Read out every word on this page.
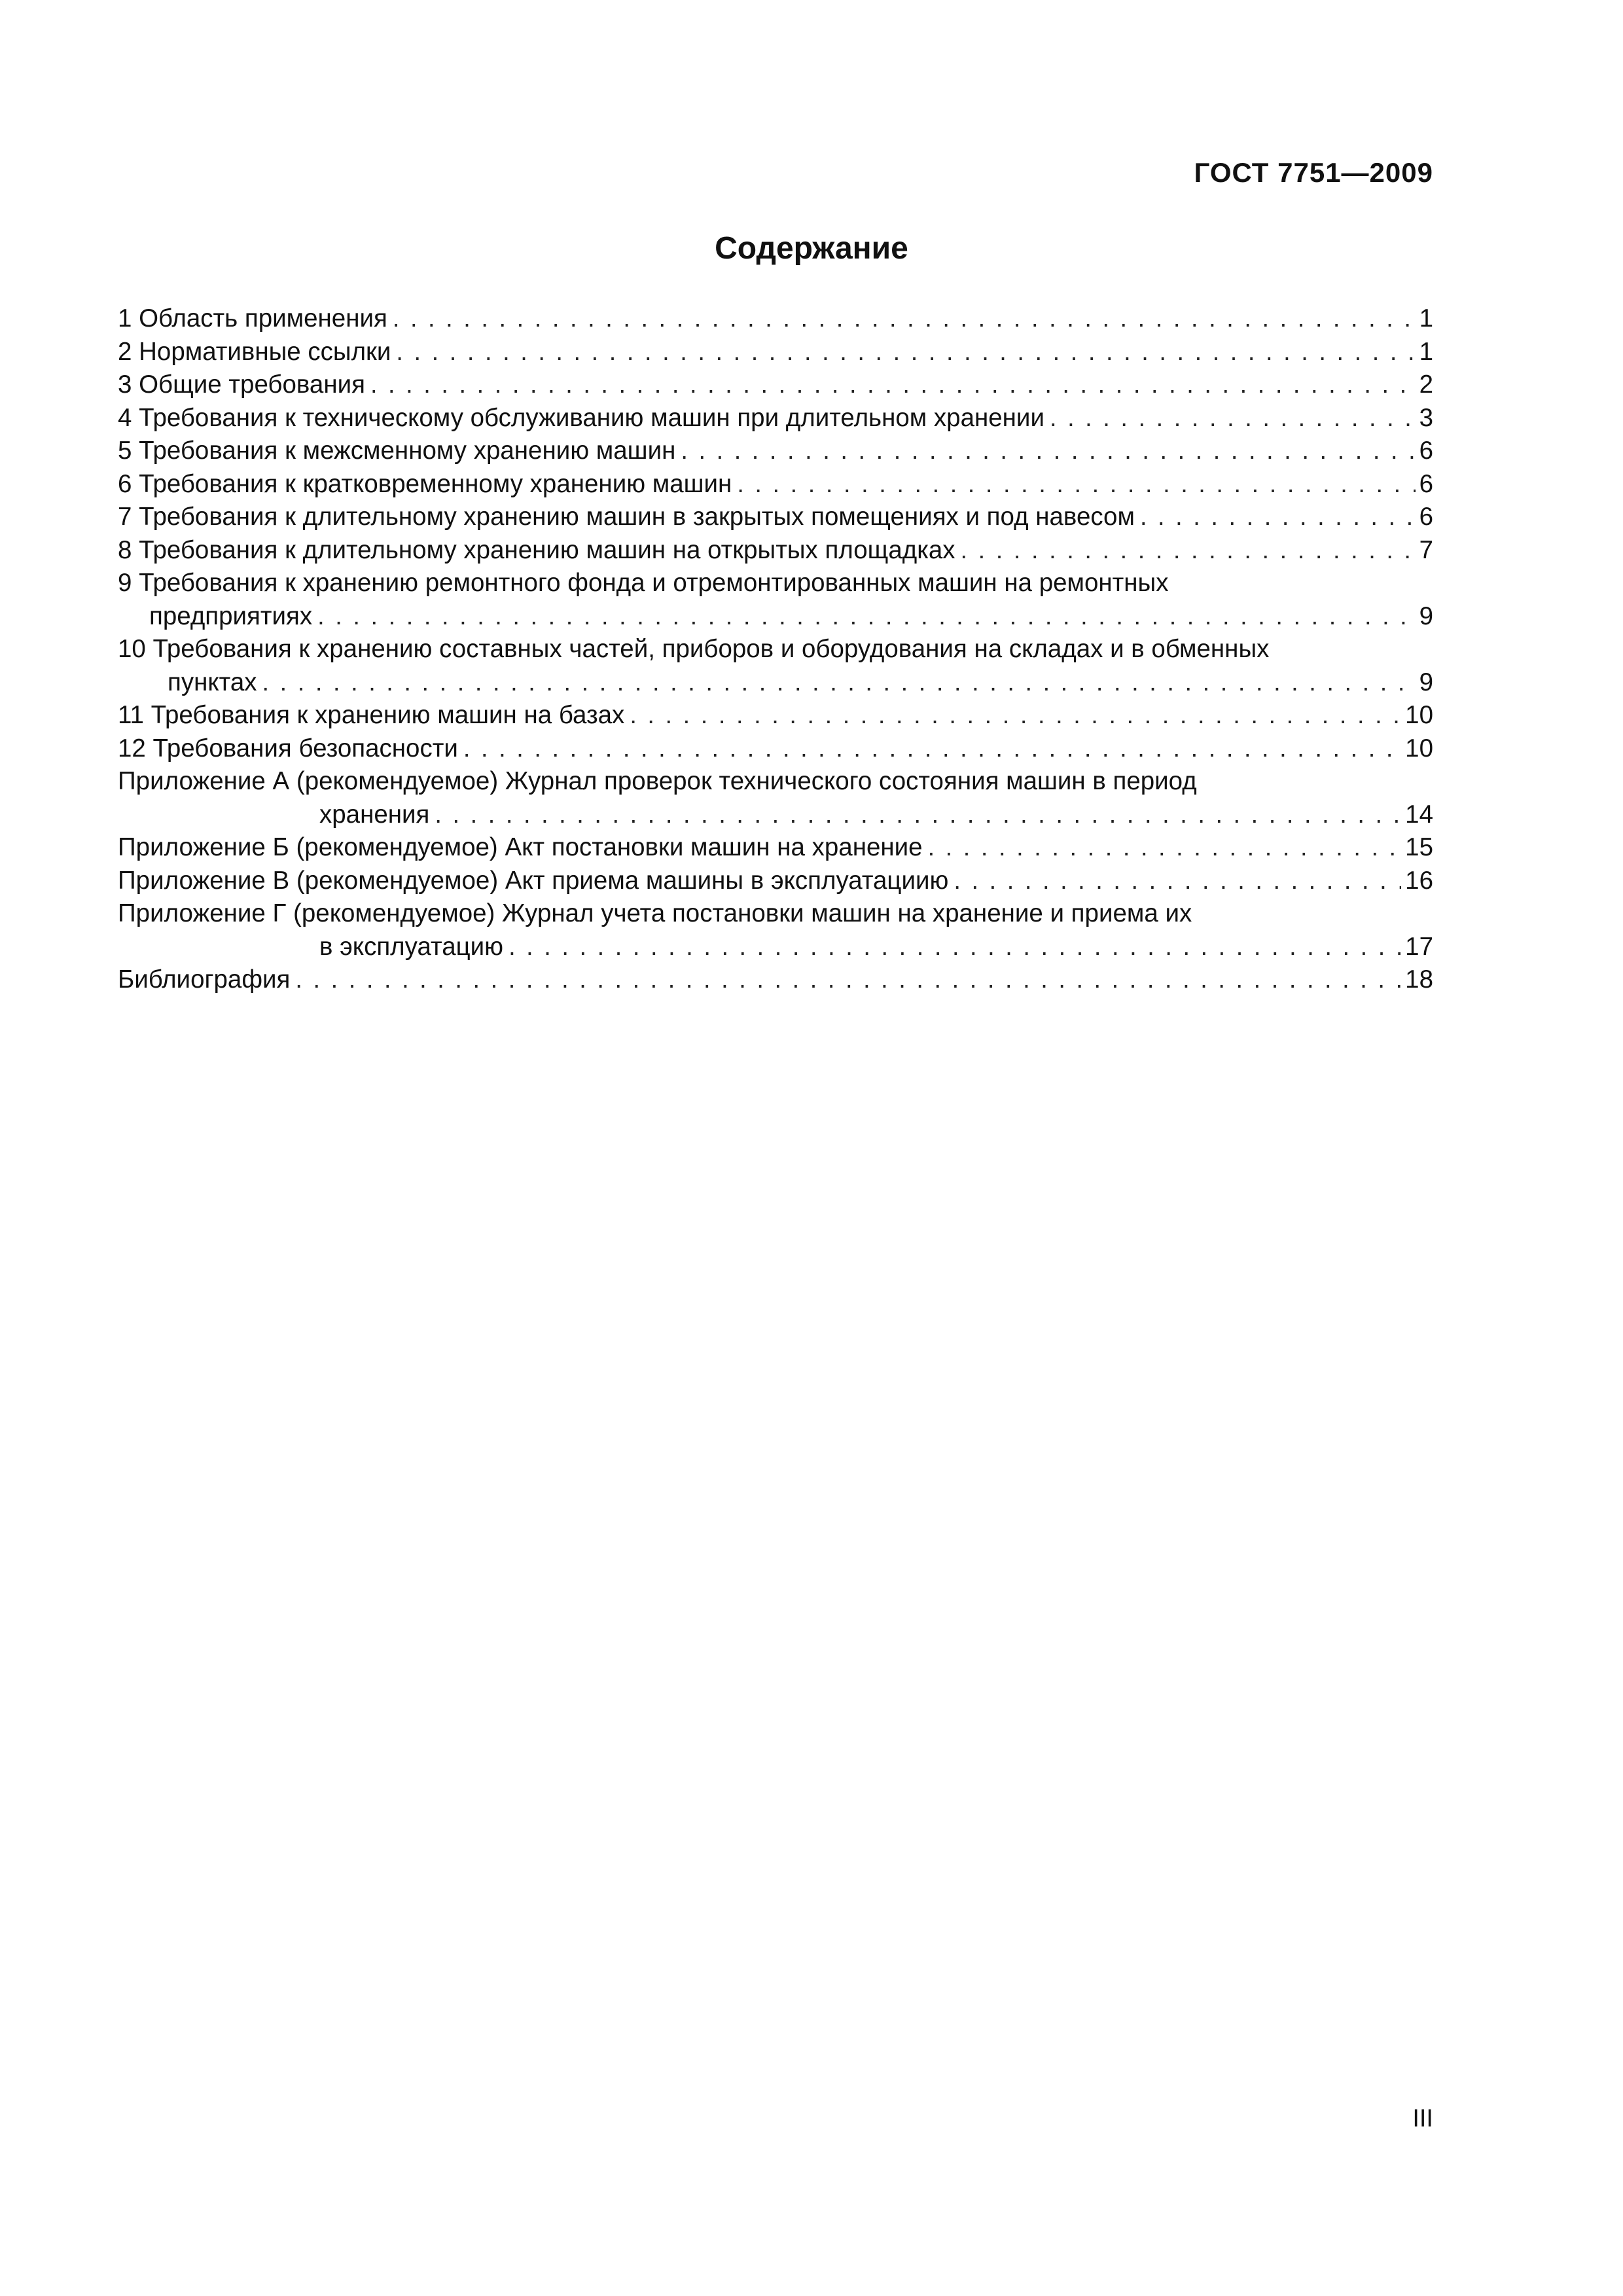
ГОСТ 7751—2009
Содержание
1 Область применения . . .	1
2 Нормативные ссылки . . .	1
3 Общие требования . . .	2
4 Требования к техническому обслуживанию машин при длительном хранении . . .	3
5 Требования к межсменному хранению машин . . .	6
6 Требования к кратковременному хранению машин . . .	6
7 Требования к длительному хранению машин в закрытых помещениях и под навесом . . .	6
8 Требования к длительному хранению машин на открытых площадках . . .	7
9 Требования к хранению ремонтного фонда и отремонтированных машин на ремонтных
предприятиях . . .	9
10 Требования к хранению составных частей, приборов и оборудования на складах и в обменных
пунктах . . .	9
11 Требования к хранению машин на базах . . .	10
12 Требования безопасности . . .	10
Приложение А (рекомендуемое) Журнал проверок технического состояния машин в период
хранения . . .	14
Приложение Б (рекомендуемое) Акт постановки машин на хранение . . .	15
Приложение В (рекомендуемое) Акт приема машины в эксплуатациию . . .	16
Приложение Г (рекомендуемое) Журнал учета постановки машин на хранение и приема их
в эксплуатацию . . .	17
Библиография . . .	18
III
